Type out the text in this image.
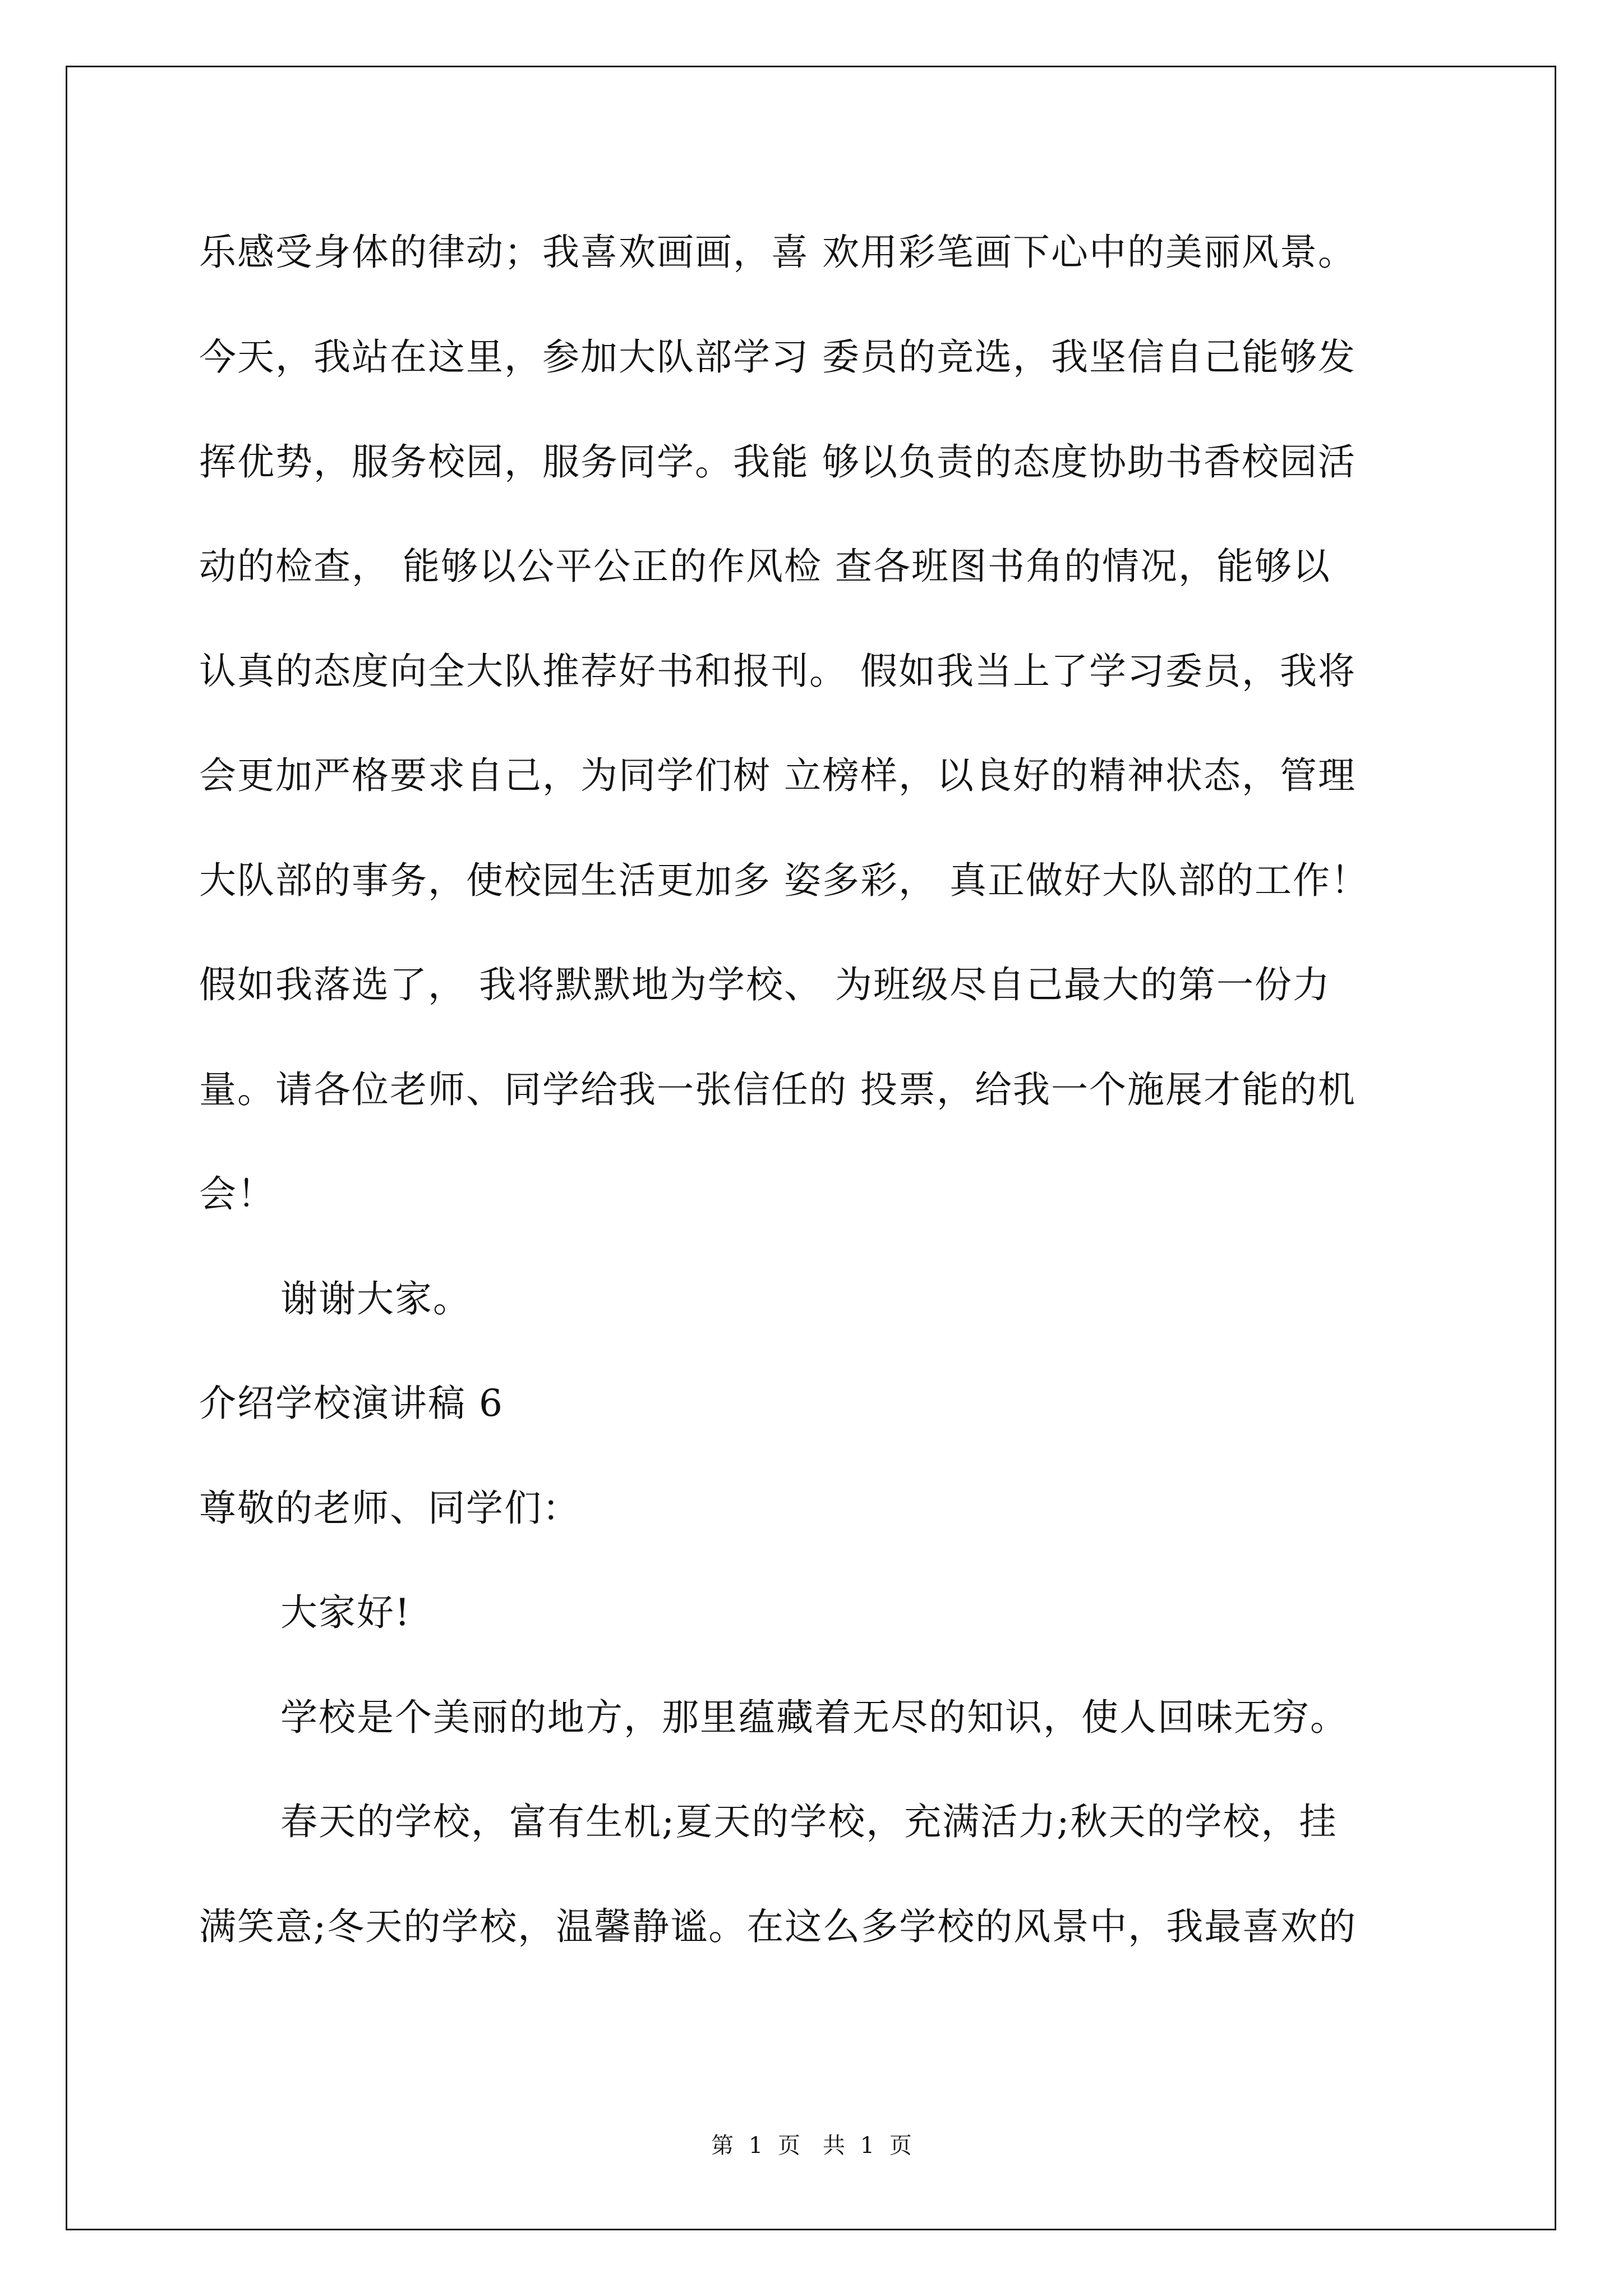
乐感受身体的律动；我喜欢画画，喜 欢用彩笔画下心中的美丽风景。
今天，我站在这里，参加大队部学习 委员的竞选，我坚信自己能够发
挥优势，服务校园，服务同学。我能 够以负责的态度协助书香校园活
动的检查， 能够以公平公正的作风检 查各班图书角的情况，能够以
认真的态度向全大队推荐好书和报刊。 假如我当上了学习委员，我将
会更加严格要求自己，为同学们树 立榜样，以良好的精神状态，管理
大队部的事务，使校园生活更加多 姿多彩， 真正做好大队部的工作！
假如我落选了， 我将默默地为学校、 为班级尽自己最大的第一份力
量。请各位老师、同学给我一张信任的 投票，给我一个施展才能的机
会！
谢谢大家。
介绍学校演讲稿 6
尊敬的老师、同学们：
大家好!
学校是个美丽的地方，那里蕴藏着无尽的知识，使人回味无穷。
春天的学校，富有生机;夏天的学校，充满活力;秋天的学校，挂
满笑意;冬天的学校，温馨静谧。在这么多学校的风景中，我最喜欢的
第 1 页　共 1 页
